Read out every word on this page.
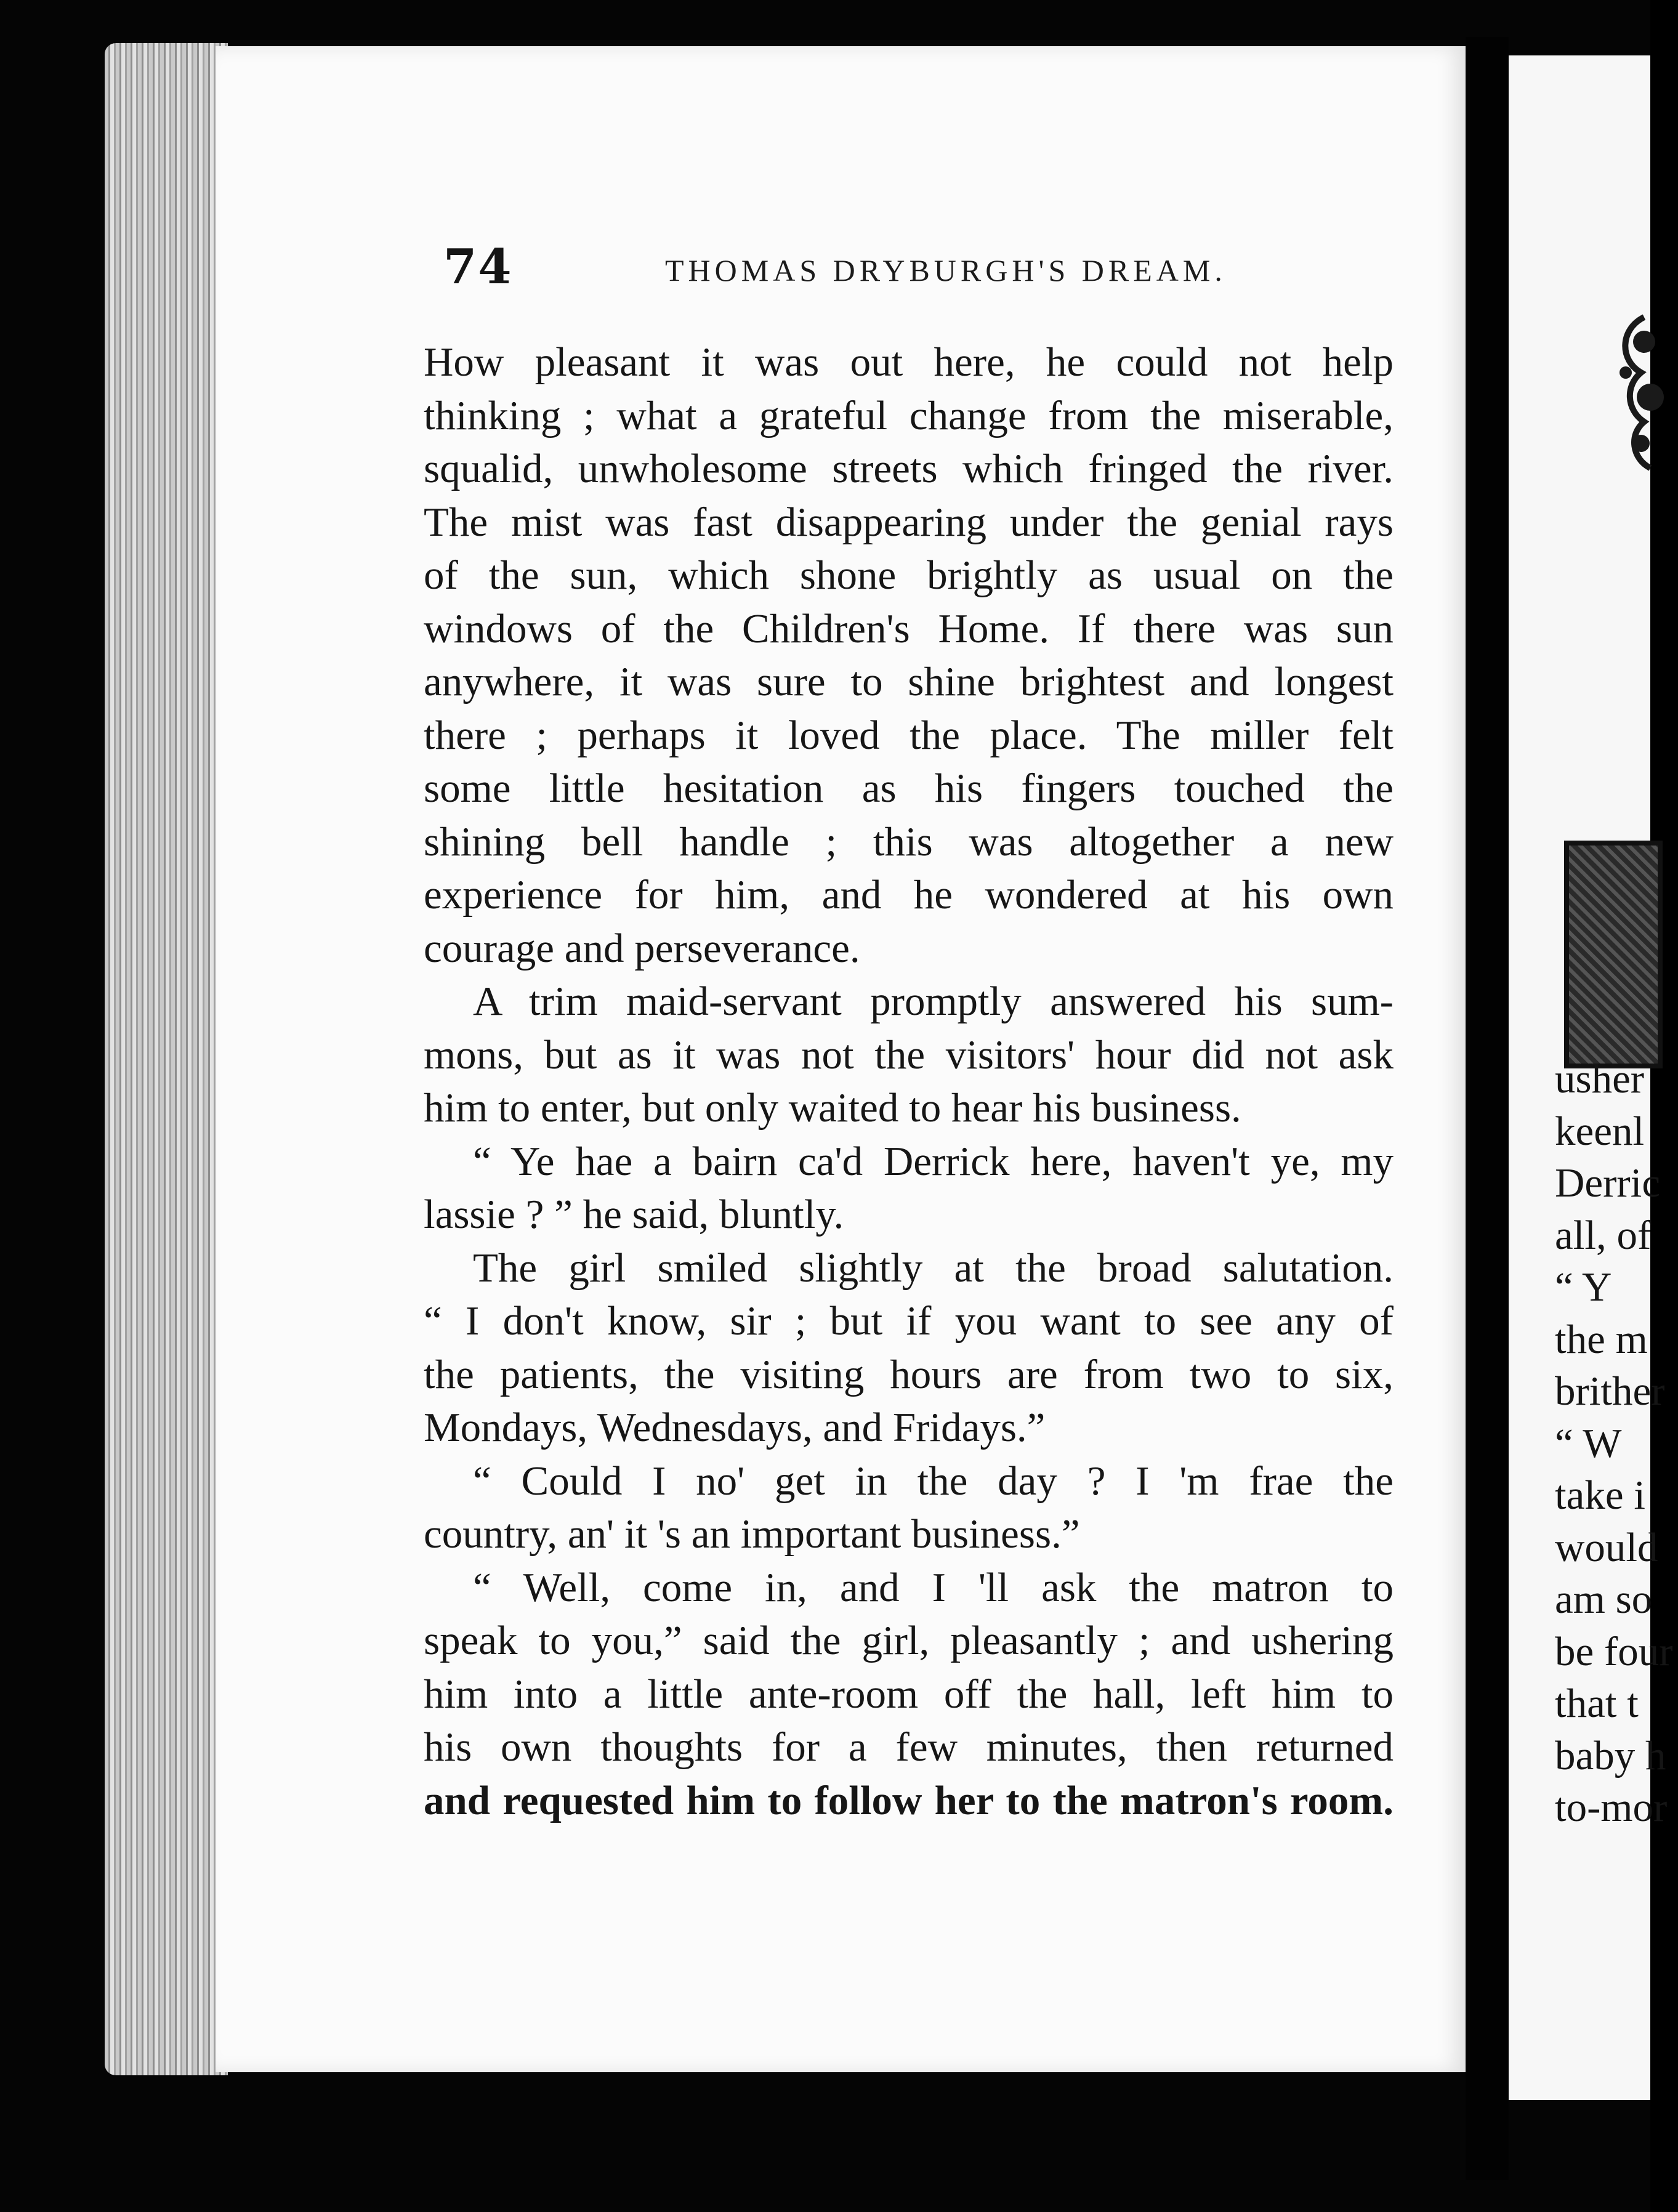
74	THOMAS DRYBURGH'S DREAM.
How pleasant it was out here, he could not help
thinking ; what a grateful change from the miserable,
squalid, unwholesome streets which fringed the river.
The mist was fast disappearing under the genial rays
of the sun, which shone brightly as usual on the
windows of the Children's Home. If there was sun
anywhere, it was sure to shine brightest and longest
there ; perhaps it loved the place. The miller felt
some little hesitation as his fingers touched the
shining bell handle ; this was altogether a new
experience for him, and he wondered at his own
courage and perseverance.
A trim maid-servant promptly answered his sum-
mons, but as it was not the visitors' hour did not ask
him to enter, but only waited to hear his business.
“ Ye hae a bairn ca'd Derrick here, haven't ye, my
lassie ? ” he said, bluntly.
The girl smiled slightly at the broad salutation.
“ I don't know, sir ; but if you want to see any of
the patients, the visiting hours are from two to six,
Mondays, Wednesdays, and Fridays.”
“ Could I no' get in the day ? I 'm frae the
country, an' it 's an important business.”
“ Well, come in, and I 'll ask the matron to
speak to you,” said the girl, pleasantly ; and ushering
him into a little ante-room off the hall, left him to
his own thoughts for a few minutes, then returned
and requested him to follow her to the matron's room.
usher
keenl
Derric
all, of
“ Y
the m
brither
“ W
take i
would
am so
be four
that t
baby h
to-mor
